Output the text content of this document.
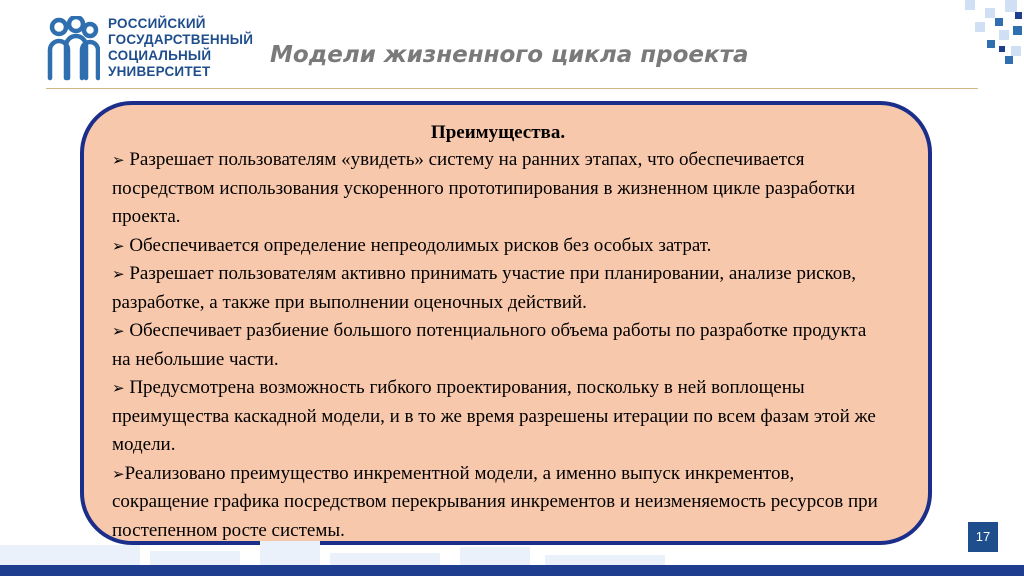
РОССИЙСКИЙ
ГОСУДАРСТВЕННЫЙ
СОЦИАЛЬНЫЙ
УНИВЕРСИТЕТ
Модели жизненного цикла проекта

Преимущества.

➢ Разрешает пользователям «увидеть» систему на ранних этапах, что обеспечивается посредством использования ускоренного прототипирования в жизненном цикле разработки проекта.

➢ Обеспечивается определение непреодолимых рисков без особых затрат.

➢ Разрешает пользователям активно принимать участие при планировании, анализе рисков, разработке, а также при выполнении оценочных действий.

➢ Обеспечивает разбиение большого потенциального объема работы по разработке продукта на небольшие части.

➢ Предусмотрена возможность гибкого проектирования, поскольку в ней воплощены преимущества каскадной модели, и в то же время разрешены итерации по всем фазам этой же модели.

➢Реализовано преимущество инкрементной модели, а именно выпуск инкрементов, сокращение графика посредством перекрывания инкрементов и неизменяемость ресурсов при постепенном росте системы.	17
